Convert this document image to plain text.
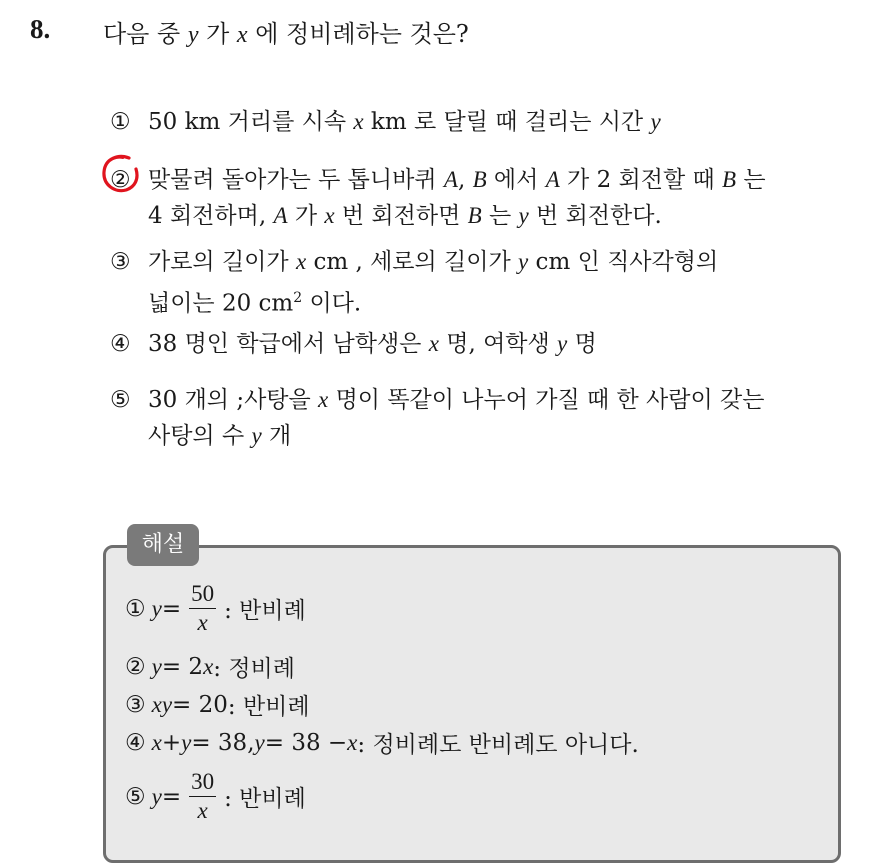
8. 다음 중 y 가 x 에 정비례하는 것은?
① 50 km 거리를 시속 x km 로 달릴 때 걸리는 시간 y
② 맞물려 돌아가는 두 톱니바퀴 A, B 에서 A 가 2 회전할 때 B 는
4 회전하며, A 가 x 번 회전하면 B 는 y 번 회전한다.
③ 가로의 길이가 x cm , 세로의 길이가 y cm 인 직사각형의
넓이는 20 $cm^2$ 이다.
④ 38 명인 학급에서 남학생은 x 명, 여학생 y 명
⑤ 30 개의 ;사탕을 x 명이 똑같이 나누어 가질 때 한 사람이 갖는
사탕의 수 y 개
해설
① $y = \frac{50}{x}$ : 반비례
② y = 2 x : 정비례
③ xy = 20 : 반비례
④ x + y = 38, y = 38 − x : 정비례도 반비례도 아니다.
⑤ $y = \frac{30}{x}$ : 반비례
